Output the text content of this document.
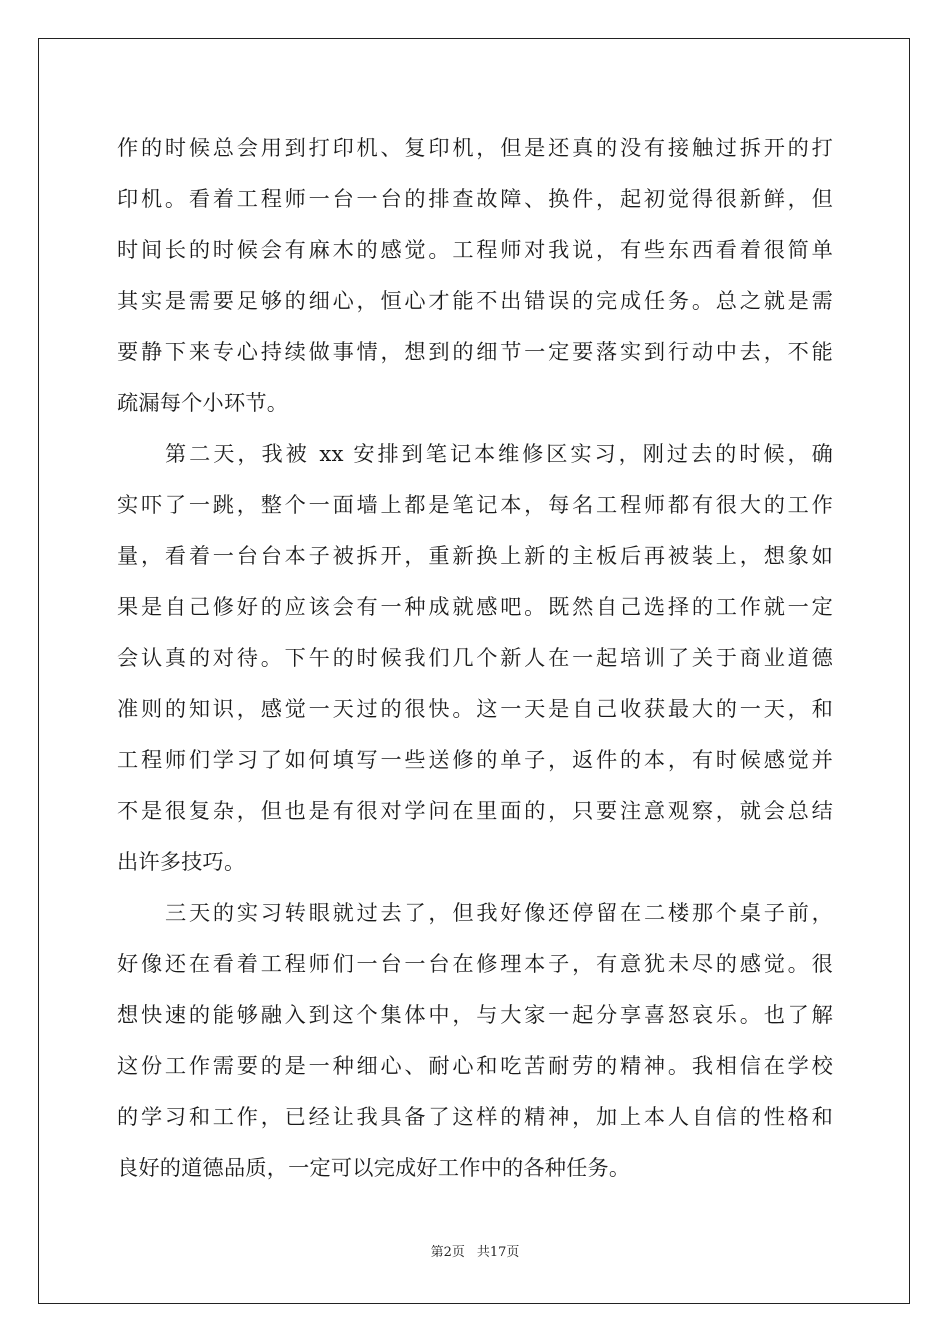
作的时候总会用到打印机、复印机，但是还真的没有接触过拆开的打
印机。看着工程师一台一台的排查故障、换件，起初觉得很新鲜，但
时间长的时候会有麻木的感觉。工程师对我说，有些东西看着很简单
其实是需要足够的细心，恒心才能不出错误的完成任务。总之就是需
要静下来专心持续做事情，想到的细节一定要落实到行动中去，不能
疏漏每个小环节。
第二天，我被 xx 安排到笔记本维修区实习，刚过去的时候，确
实吓了一跳，整个一面墙上都是笔记本，每名工程师都有很大的工作
量，看着一台台本子被拆开，重新换上新的主板后再被装上，想象如
果是自己修好的应该会有一种成就感吧。既然自己选择的工作就一定
会认真的对待。下午的时候我们几个新人在一起培训了关于商业道德
准则的知识，感觉一天过的很快。这一天是自己收获最大的一天，和
工程师们学习了如何填写一些送修的单子，返件的本，有时候感觉并
不是很复杂，但也是有很对学问在里面的，只要注意观察，就会总结
出许多技巧。
三天的实习转眼就过去了，但我好像还停留在二楼那个桌子前，
好像还在看着工程师们一台一台在修理本子，有意犹未尽的感觉。很
想快速的能够融入到这个集体中，与大家一起分享喜怒哀乐。也了解
这份工作需要的是一种细心、耐心和吃苦耐劳的精神。我相信在学校
的学习和工作，已经让我具备了这样的精神，加上本人自信的性格和
良好的道德品质，一定可以完成好工作中的各种任务。
第2页 共17页
